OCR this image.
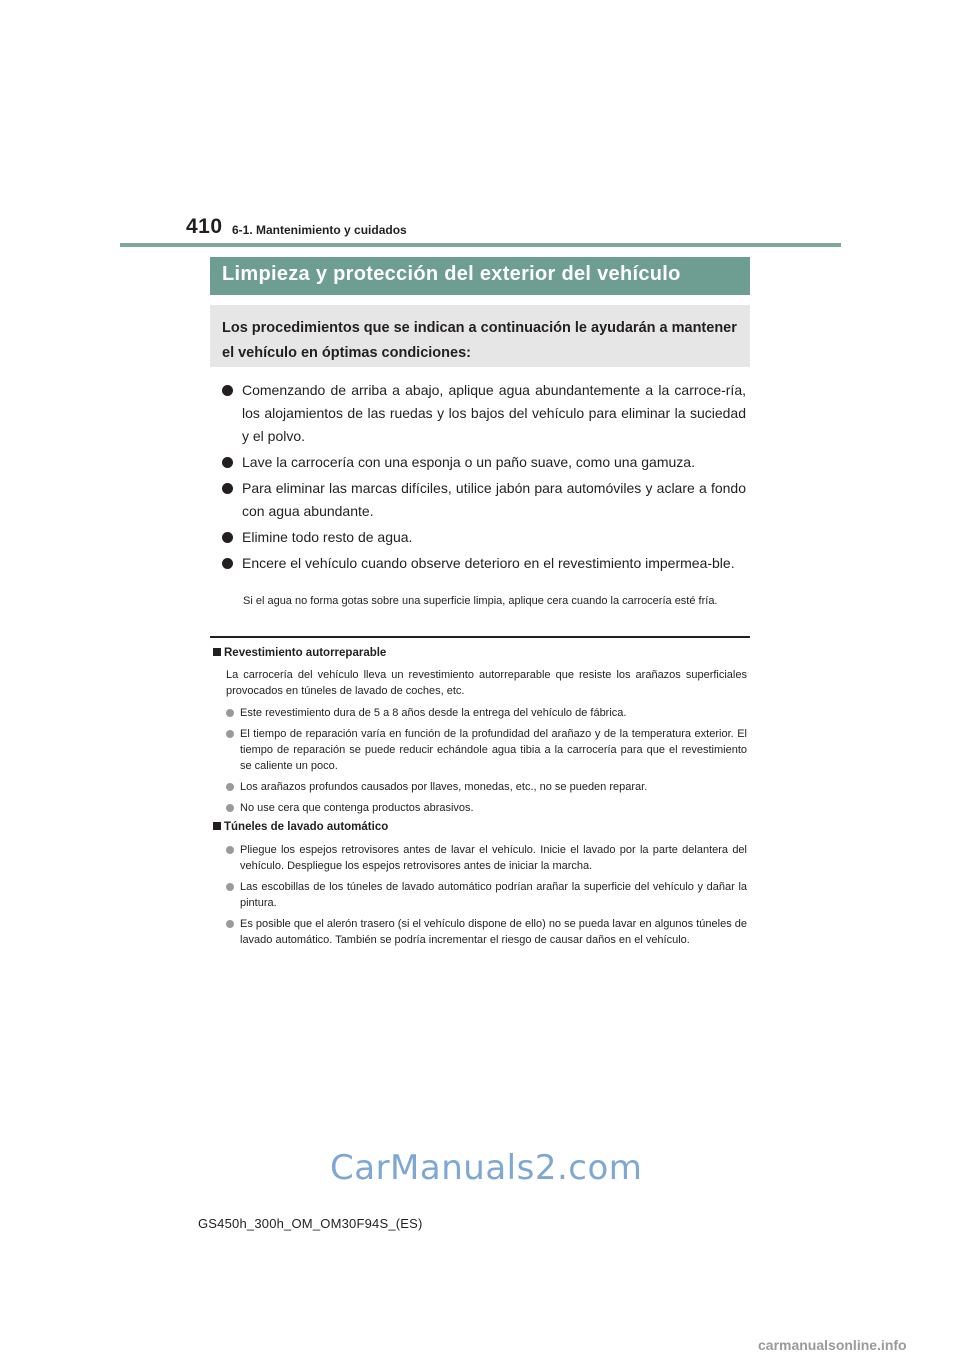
410 6-1. Mantenimiento y cuidados
Limpieza y protección del exterior del vehículo
Los procedimientos que se indican a continuación le ayudarán a mantener el vehículo en óptimas condiciones:
Comenzando de arriba a abajo, aplique agua abundantemente a la carroce-ría, los alojamientos de las ruedas y los bajos del vehículo para eliminar la suciedad y el polvo.
Lave la carrocería con una esponja o un paño suave, como una gamuza.
Para eliminar las marcas difíciles, utilice jabón para automóviles y aclare a fondo con agua abundante.
Elimine todo resto de agua.
Encere el vehículo cuando observe deterioro en el revestimiento impermea-ble.
Si el agua no forma gotas sobre una superficie limpia, aplique cera cuando la carrocería esté fría.
Revestimiento autorreparable
La carrocería del vehículo lleva un revestimiento autorreparable que resiste los arañazos superficiales provocados en túneles de lavado de coches, etc.
Este revestimiento dura de 5 a 8 años desde la entrega del vehículo de fábrica.
El tiempo de reparación varía en función de la profundidad del arañazo y de la temperatura exterior. El tiempo de reparación se puede reducir echándole agua tibia a la carrocería para que el revestimiento se caliente un poco.
Los arañazos profundos causados por llaves, monedas, etc., no se pueden reparar.
No use cera que contenga productos abrasivos.
Túneles de lavado automático
Pliegue los espejos retrovisores antes de lavar el vehículo. Inicie el lavado por la parte delantera del vehículo. Despliegue los espejos retrovisores antes de iniciar la marcha.
Las escobillas de los túneles de lavado automático podrían arañar la superficie del vehículo y dañar la pintura.
Es posible que el alerón trasero (si el vehículo dispone de ello) no se pueda lavar en algunos túneles de lavado automático. También se podría incrementar el riesgo de causar daños en el vehículo.
CarManuals2.com
GS450h_300h_OM_OM30F94S_(ES)
carmanualsonline.info
